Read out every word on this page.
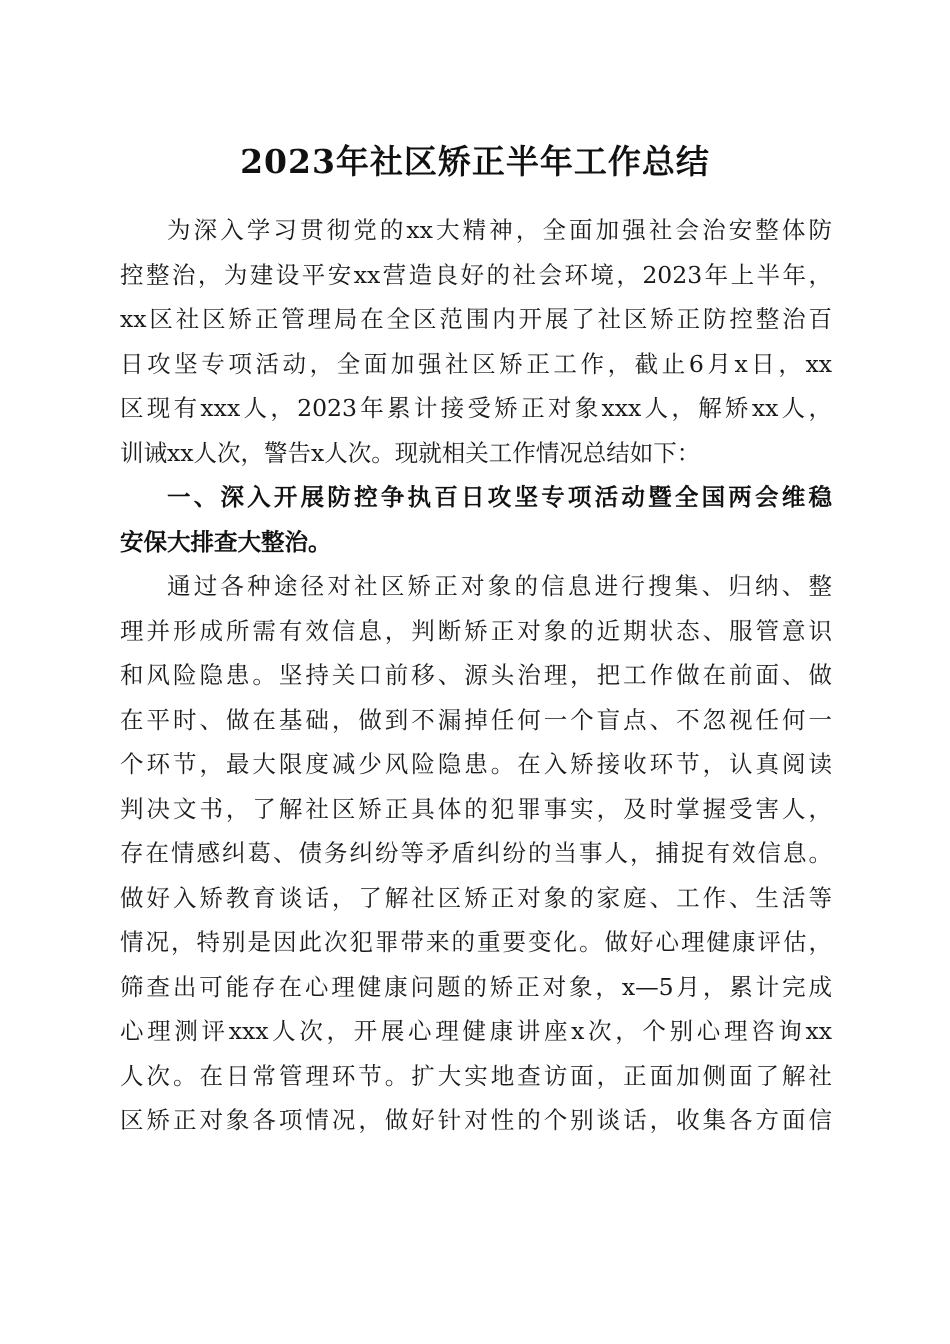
2023年社区矫正半年工作总结
为深入学习贯彻党的xx大精神，全面加强社会治安整体防
控整治，为建设平安xx营造良好的社会环境，2023年上半年，
xx区社区矫正管理局在全区范围内开展了社区矫正防控整治百
日攻坚专项活动，全面加强社区矫正工作，截止6月x日，xx
区现有xxx人，2023年累计接受矫正对象xxx人，解矫xx人，
训诫xx人次，警告x人次。现就相关工作情况总结如下：
一、深入开展防控争执百日攻坚专项活动暨全国两会维稳
安保大排查大整治。
通过各种途径对社区矫正对象的信息进行搜集、归纳、整
理并形成所需有效信息，判断矫正对象的近期状态、服管意识
和风险隐患。坚持关口前移、源头治理，把工作做在前面、做
在平时、做在基础，做到不漏掉任何一个盲点、不忽视任何一
个环节，最大限度减少风险隐患。在入矫接收环节，认真阅读
判决文书，了解社区矫正具体的犯罪事实，及时掌握受害人，
存在情感纠葛、债务纠纷等矛盾纠纷的当事人，捕捉有效信息。
做好入矫教育谈话，了解社区矫正对象的家庭、工作、生活等
情况，特别是因此次犯罪带来的重要变化。做好心理健康评估，
筛查出可能存在心理健康问题的矫正对象，x—5月，累计完成
心理测评xxx人次，开展心理健康讲座x次，个别心理咨询xx
人次。在日常管理环节。扩大实地查访面，正面加侧面了解社
区矫正对象各项情况，做好针对性的个别谈话，收集各方面信
